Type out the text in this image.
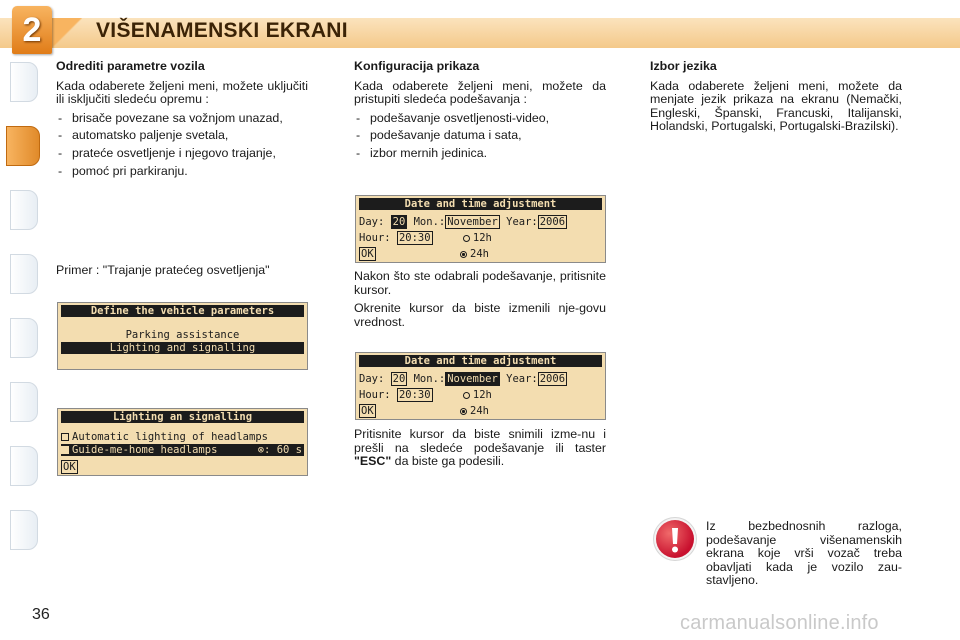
2	VIŠENAMENSKI EKRANI
Odrediti parametre vozila

Kada odaberete željeni meni, možete uključiti ili isključiti sledeću opremu :

- brisače povezane sa vožnjom unazad,
- automatsko paljenje svetala,
- prateće osvetljenje i njegovo trajanje,
- pomoć pri parkiranju.
Primer : "Trajanje pratećeg osvetljenja"
Define the vehicle parameters
Parking assistance
Lighting and signalling
Lighting an signalling
Automatic lighting of headlamps
Guide-me-home headlamps	⊗: 60 s
OK
Konfiguracija prikaza

Kada odaberete željeni meni, možete da pristupiti sledeća podešavanja :

- podešavanje osvetljenosti-video,
- podešavanje datuma i sata,
- izbor mernih jedinica.
Date and time adjustment
Day: 20 Mon.: November Year: 2006
Hour: 20:30	12h
OK	24h

Nakon što ste odabrali podešavanje, pritisnite kursor.

Okrenite kursor da biste izmenili nje-govu vrednost.

Date and time adjustment
Day: 20 Mon.: November Year: 2006
Hour: 20:30	12h
OK	24h

Pritisnite kursor da biste snimili izme-nu i prešli na sledeće podešavanje ili taster "ESC" da biste ga podesili.

Izbor jezika

Kada odaberete željeni meni, možete da menjate jezik prikaza na ekranu (Nemački, Engleski, Španski, Francuski, Italijanski, Holandski, Portugalski, Portugalski-Brazilski).

Iz bezbednosnih razloga, podešavanje višenamenskih ekrana koje vrši vozač treba obavljati kada je vozilo zau-stavljeno.
36	carmanualsonline.info
